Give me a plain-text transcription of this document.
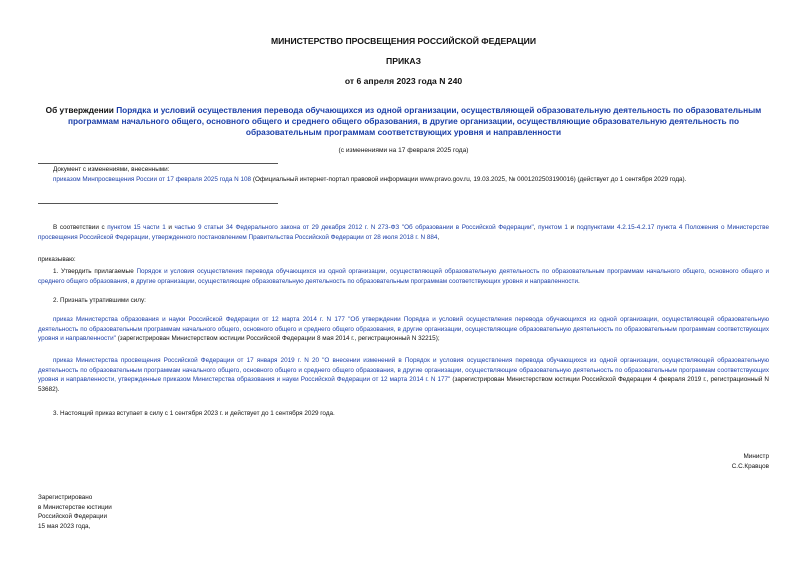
МИНИСТЕРСТВО ПРОСВЕЩЕНИЯ РОССИЙСКОЙ ФЕДЕРАЦИИ
ПРИКАЗ
от 6 апреля 2023 года N 240
Об утверждении Порядка и условий осуществления перевода обучающихся из одной организации, осуществляющей образовательную деятельность по образовательным программам начального общего, основного общего и среднего общего образования, в другие организации, осуществляющие образовательную деятельность по образовательным программам соответствующих уровня и направленности
(с изменениями на 17 февраля 2025 года)
Документ с изменениями, внесенными:
приказом Минпросвещения России от 17 февраля 2025 года N 108 (Официальный интернет-портал правовой информации www.pravo.gov.ru, 19.03.2025, № 0001202503190016) (действует до 1 сентября 2029 года).
В соответствии с пунктом 15 части 1 и частью 9 статьи 34 Федерального закона от 29 декабря 2012 г. N 273-ФЗ "Об образовании в Российской Федерации", пунктом 1 и подпунктами 4.2.15-4.2.17 пункта 4 Положения о Министерстве просвещения Российской Федерации, утвержденного постановлением Правительства Российской Федерации от 28 июля 2018 г. N 884,
приказываю:
1. Утвердить прилагаемые Порядок и условия осуществления перевода обучающихся из одной организации, осуществляющей образовательную деятельность по образовательным программам начального общего, основного общего и среднего общего образования, в другие организации, осуществляющие образовательную деятельность по образовательным программам соответствующих уровня и направленности.
2. Признать утратившими силу:
приказ Министерства образования и науки Российской Федерации от 12 марта 2014 г. N 177 "Об утверждении Порядка и условий осуществления перевода обучающихся из одной организации, осуществляющей образовательную деятельность по образовательным программам начального общего, основного общего и среднего общего образования, в другие организации, осуществляющие образовательную деятельность по образовательным программам соответствующих уровня и направленности" (зарегистрирован Министерством юстиции Российской Федерации 8 мая 2014 г., регистрационный N 32215);
приказ Министерства просвещения Российской Федерации от 17 января 2019 г. N 20 "О внесении изменений в Порядок и условия осуществления перевода обучающихся из одной организации, осуществляющей образовательную деятельность по образовательным программам начального общего, основного общего и среднего общего образования, в другие организации, осуществляющие образовательную деятельность по образовательным программам соответствующих уровня и направленности, утвержденные приказом Министерства образования и науки Российской Федерации от 12 марта 2014 г. N 177" (зарегистрирован Министерством юстиции Российской Федерации 4 февраля 2019 г., регистрационный N 53682).
3. Настоящий приказ вступает в силу с 1 сентября 2023 г. и действует до 1 сентября 2029 года.
Министр
С.С.Кравцов
Зарегистрировано
в Министерстве юстиции
Российской Федерации
15 мая 2023 года,
